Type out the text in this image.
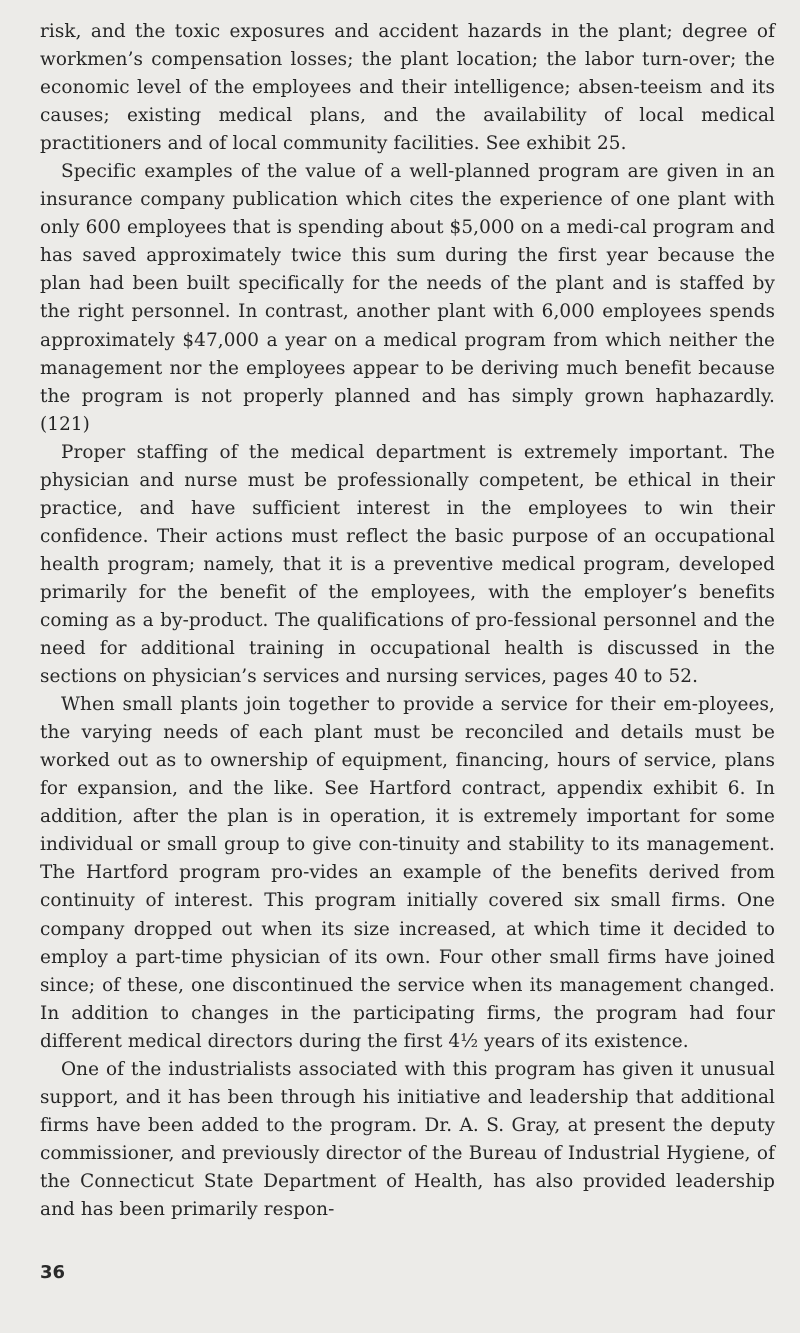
risk, and the toxic exposures and accident hazards in the plant; degree of workmen’s compensation losses; the plant location; the labor turn-over; the economic level of the employees and their intelligence; absen-teeism and its causes; existing medical plans, and the availability of local medical practitioners and of local community facilities. See exhibit 25.

Specific examples of the value of a well-planned program are given in an insurance company publication which cites the experience of one plant with only 600 employees that is spending about $5,000 on a medi-cal program and has saved approximately twice this sum during the first year because the plan had been built specifically for the needs of the plant and is staffed by the right personnel. In contrast, another plant with 6,000 employees spends approximately $47,000 a year on a medical program from which neither the management nor the employees appear to be deriving much benefit because the program is not properly planned and has simply grown haphazardly. (121)

Proper staffing of the medical department is extremely important. The physician and nurse must be professionally competent, be ethical in their practice, and have sufficient interest in the employees to win their confidence. Their actions must reflect the basic purpose of an occupational health program; namely, that it is a preventive medical program, developed primarily for the benefit of the employees, with the employer’s benefits coming as a by-product. The qualifications of pro-fessional personnel and the need for additional training in occupational health is discussed in the sections on physician’s services and nursing services, pages 40 to 52.

When small plants join together to provide a service for their em-ployees, the varying needs of each plant must be reconciled and details must be worked out as to ownership of equipment, financing, hours of service, plans for expansion, and the like. See Hartford contract, appendix exhibit 6. In addition, after the plan is in operation, it is extremely important for some individual or small group to give con-tinuity and stability to its management. The Hartford program pro-vides an example of the benefits derived from continuity of interest. This program initially covered six small firms. One company dropped out when its size increased, at which time it decided to employ a part-time physician of its own. Four other small firms have joined since; of these, one discontinued the service when its management changed. In addition to changes in the participating firms, the program had four different medical directors during the first 4½ years of its existence.

One of the industrialists associated with this program has given it unusual support, and it has been through his initiative and leadership that additional firms have been added to the program. Dr. A. S. Gray, at present the deputy commissioner, and previously director of the Bureau of Industrial Hygiene, of the Connecticut State Department of Health, has also provided leadership and has been primarily respon-

36
